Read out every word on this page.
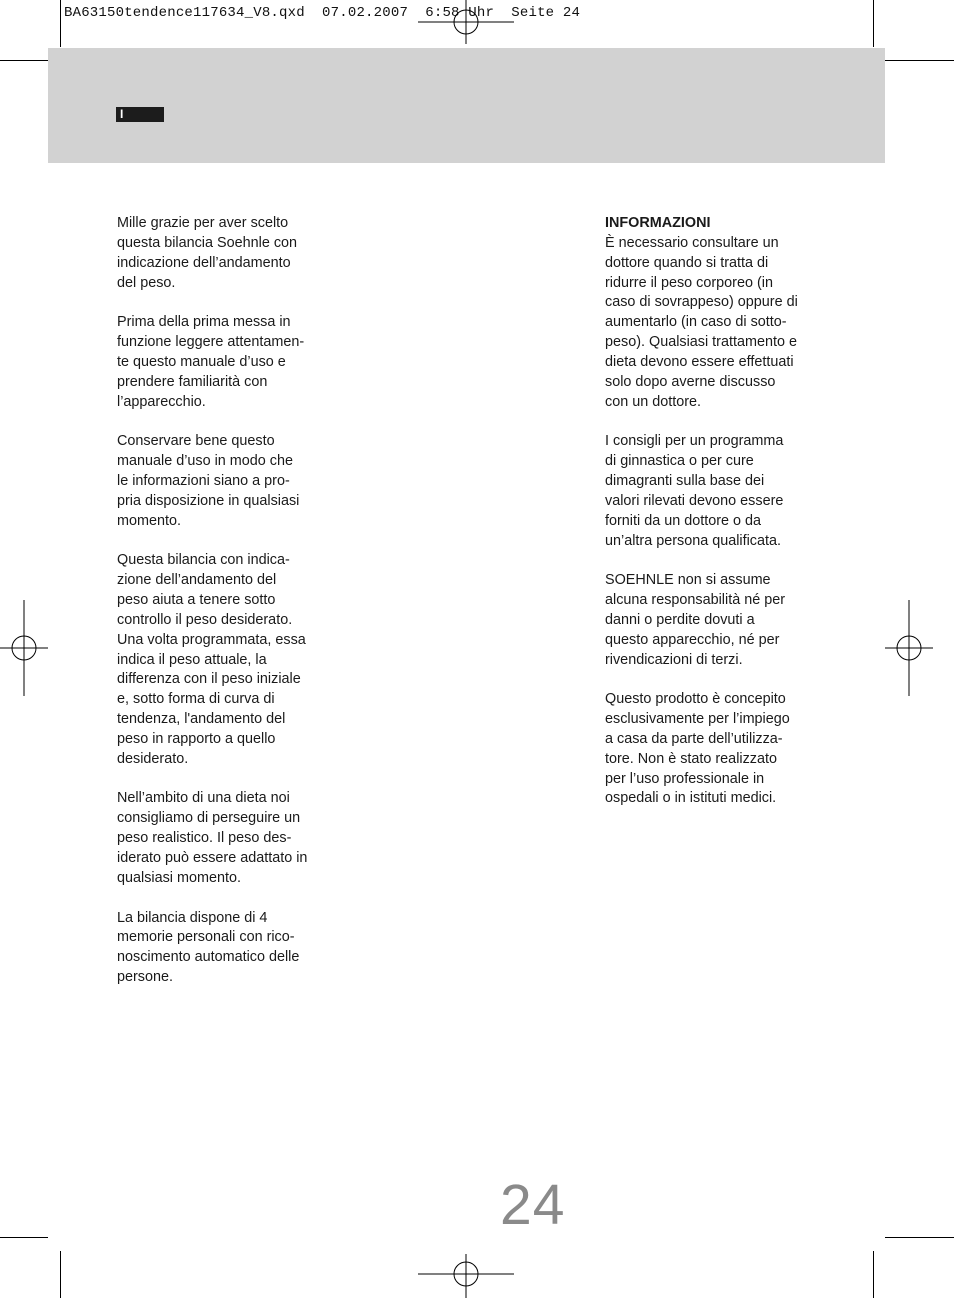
BA63150tendence117634_V8.qxd  07.02.2007  6:58 Uhr  Seite 24
I
Mille grazie per aver scelto
questa bilancia Soehnle con
indicazione dell’andamento
del peso.
Prima della prima messa in
funzione leggere attentamen-
te questo manuale d’uso e
prendere familiarità con
l’apparecchio.
Conservare bene questo
manuale d’uso in modo che
le informazioni siano a pro-
pria disposizione in qualsiasi
momento.
Questa bilancia con indica-
zione dell’andamento del
peso aiuta a tenere sotto
controllo il peso desiderato.
Una volta programmata, essa
indica il peso attuale, la
differenza con il peso iniziale
e, sotto forma di curva di
tendenza, l'andamento del
peso in rapporto a quello
desiderato.
Nell’ambito di una dieta noi
consigliamo di perseguire un
peso realistico. Il peso des-
iderato può essere adattato in
qualsiasi momento.
La bilancia dispone di 4
memorie personali con rico-
noscimento automatico delle
persone.
INFORMAZIONI
È necessario consultare un
dottore quando si tratta di
ridurre il peso corporeo (in
caso di sovrappeso) oppure di
aumentarlo (in caso di sotto-
peso). Qualsiasi trattamento e
dieta devono essere effettuati
solo dopo averne discusso
con un dottore.
I consigli per un programma
di ginnastica o per cure
dimagranti sulla base dei
valori rilevati devono essere
forniti da un dottore o da
un’altra persona qualificata.
SOEHNLE non si assume
alcuna responsabilità né per
danni o perdite dovuti a
questo apparecchio, né per
rivendicazioni di terzi.
Questo prodotto è concepito
esclusivamente per l’impiego
a casa da parte dell’utilizza-
tore. Non è stato realizzato
per l’uso professionale in
ospedali o in istituti medici.
24
